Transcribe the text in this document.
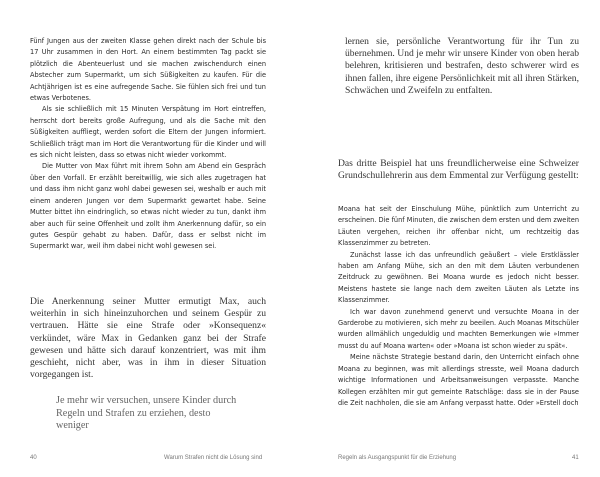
Fünf Jungen aus der zweiten Klasse gehen direkt nach der Schule bis 17 Uhr zusammen in den Hort. An einem bestimmten Tag packt sie plötzlich die Abenteuerlust und sie machen zwischendurch einen Abstecher zum Supermarkt, um sich Süßigkeiten zu kaufen. Für die Achtjährigen ist es eine aufregende Sache. Sie fühlen sich frei und tun etwas Verbotenes.

Als sie schließlich mit 15 Minuten Verspätung im Hort eintreffen, herrscht dort bereits große Aufregung, und als die Sache mit den Süßigkeiten auffliegt, werden sofort die Eltern der Jungen informiert. Schließlich trägt man im Hort die Verantwortung für die Kinder und will es sich nicht leisten, dass so etwas nicht wieder vorkommt.

Die Mutter von Max führt mit ihrem Sohn am Abend ein Gespräch über den Vorfall. Er erzählt bereitwillig, wie sich alles zugetragen hat und dass ihm nicht ganz wohl dabei gewesen sei, weshalb er auch mit einem anderen Jungen vor dem Supermarkt gewartet habe. Seine Mutter bittet ihn eindringlich, so etwas nicht wieder zu tun, dankt ihm aber auch für seine Offenheit und zollt ihm Anerkennung dafür, so ein gutes Gespür gehabt zu haben. Dafür, dass er selbst nicht im Supermarkt war, weil ihm dabei nicht wohl gewesen sei.

Die Anerkennung seiner Mutter ermutigt Max, auch weiterhin in sich hineinzuhorchen und seinem Gespür zu vertrauen. Hätte sie eine Strafe oder »Konsequenz« verkündet, wäre Max in Gedanken ganz bei der Strafe gewesen und hätte sich darauf konzentriert, was mit ihm geschieht, nicht aber, was in ihm in dieser Situation vorgegangen ist.

Je mehr wir versuchen, unsere Kinder durch Regeln und Strafen zu erziehen, desto weniger

40	Warum Strafen nicht die Lösung sind

lernen sie, persönliche Verantwortung für ihr Tun zu übernehmen. Und je mehr wir unsere Kinder von oben herab belehren, kritisieren und bestrafen, desto schwerer wird es ihnen fallen, ihre eigene Persönlichkeit mit all ihren Stärken, Schwächen und Zweifeln zu entfalten.

Das dritte Beispiel hat uns freundlicherweise eine Schweizer Grundschullehrerin aus dem Emmental zur Verfügung gestellt:

Moana hat seit der Einschulung Mühe, pünktlich zum Unterricht zu erscheinen. Die fünf Minuten, die zwischen dem ersten und dem zweiten Läuten vergehen, reichen ihr offenbar nicht, um rechtzeitig das Klassenzimmer zu betreten.

Zunächst lasse ich das unfreundlich geäußert – viele Erstklässler haben am Anfang Mühe, sich an den mit dem Läuten verbundenen Zeitdruck zu gewöhnen. Bei Moana wurde es jedoch nicht besser. Meistens hastete sie lange nach dem zweiten Läuten als Letzte ins Klassenzimmer.

Ich war davon zunehmend genervt und versuchte Moana in der Garderobe zu motivieren, sich mehr zu beeilen. Auch Moanas Mitschüler wurden allmählich ungeduldig und machten Bemerkungen wie »Immer musst du auf Moana warten« oder »Moana ist schon wieder zu spät«.

Meine nächste Strategie bestand darin, den Unterricht einfach ohne Moana zu beginnen, was mit allerdings stresste, weil Moana dadurch wichtige Informationen und Arbeitsanweisungen verpasste. Manche Kollegen erzählten mir gut gemeinte Ratschläge: dass sie in der Pause die Zeit nachholen, die sie am Anfang verpasst hatte. Oder »Erstell doch

Regeln als Ausgangspunkt für die Erziehung	41
